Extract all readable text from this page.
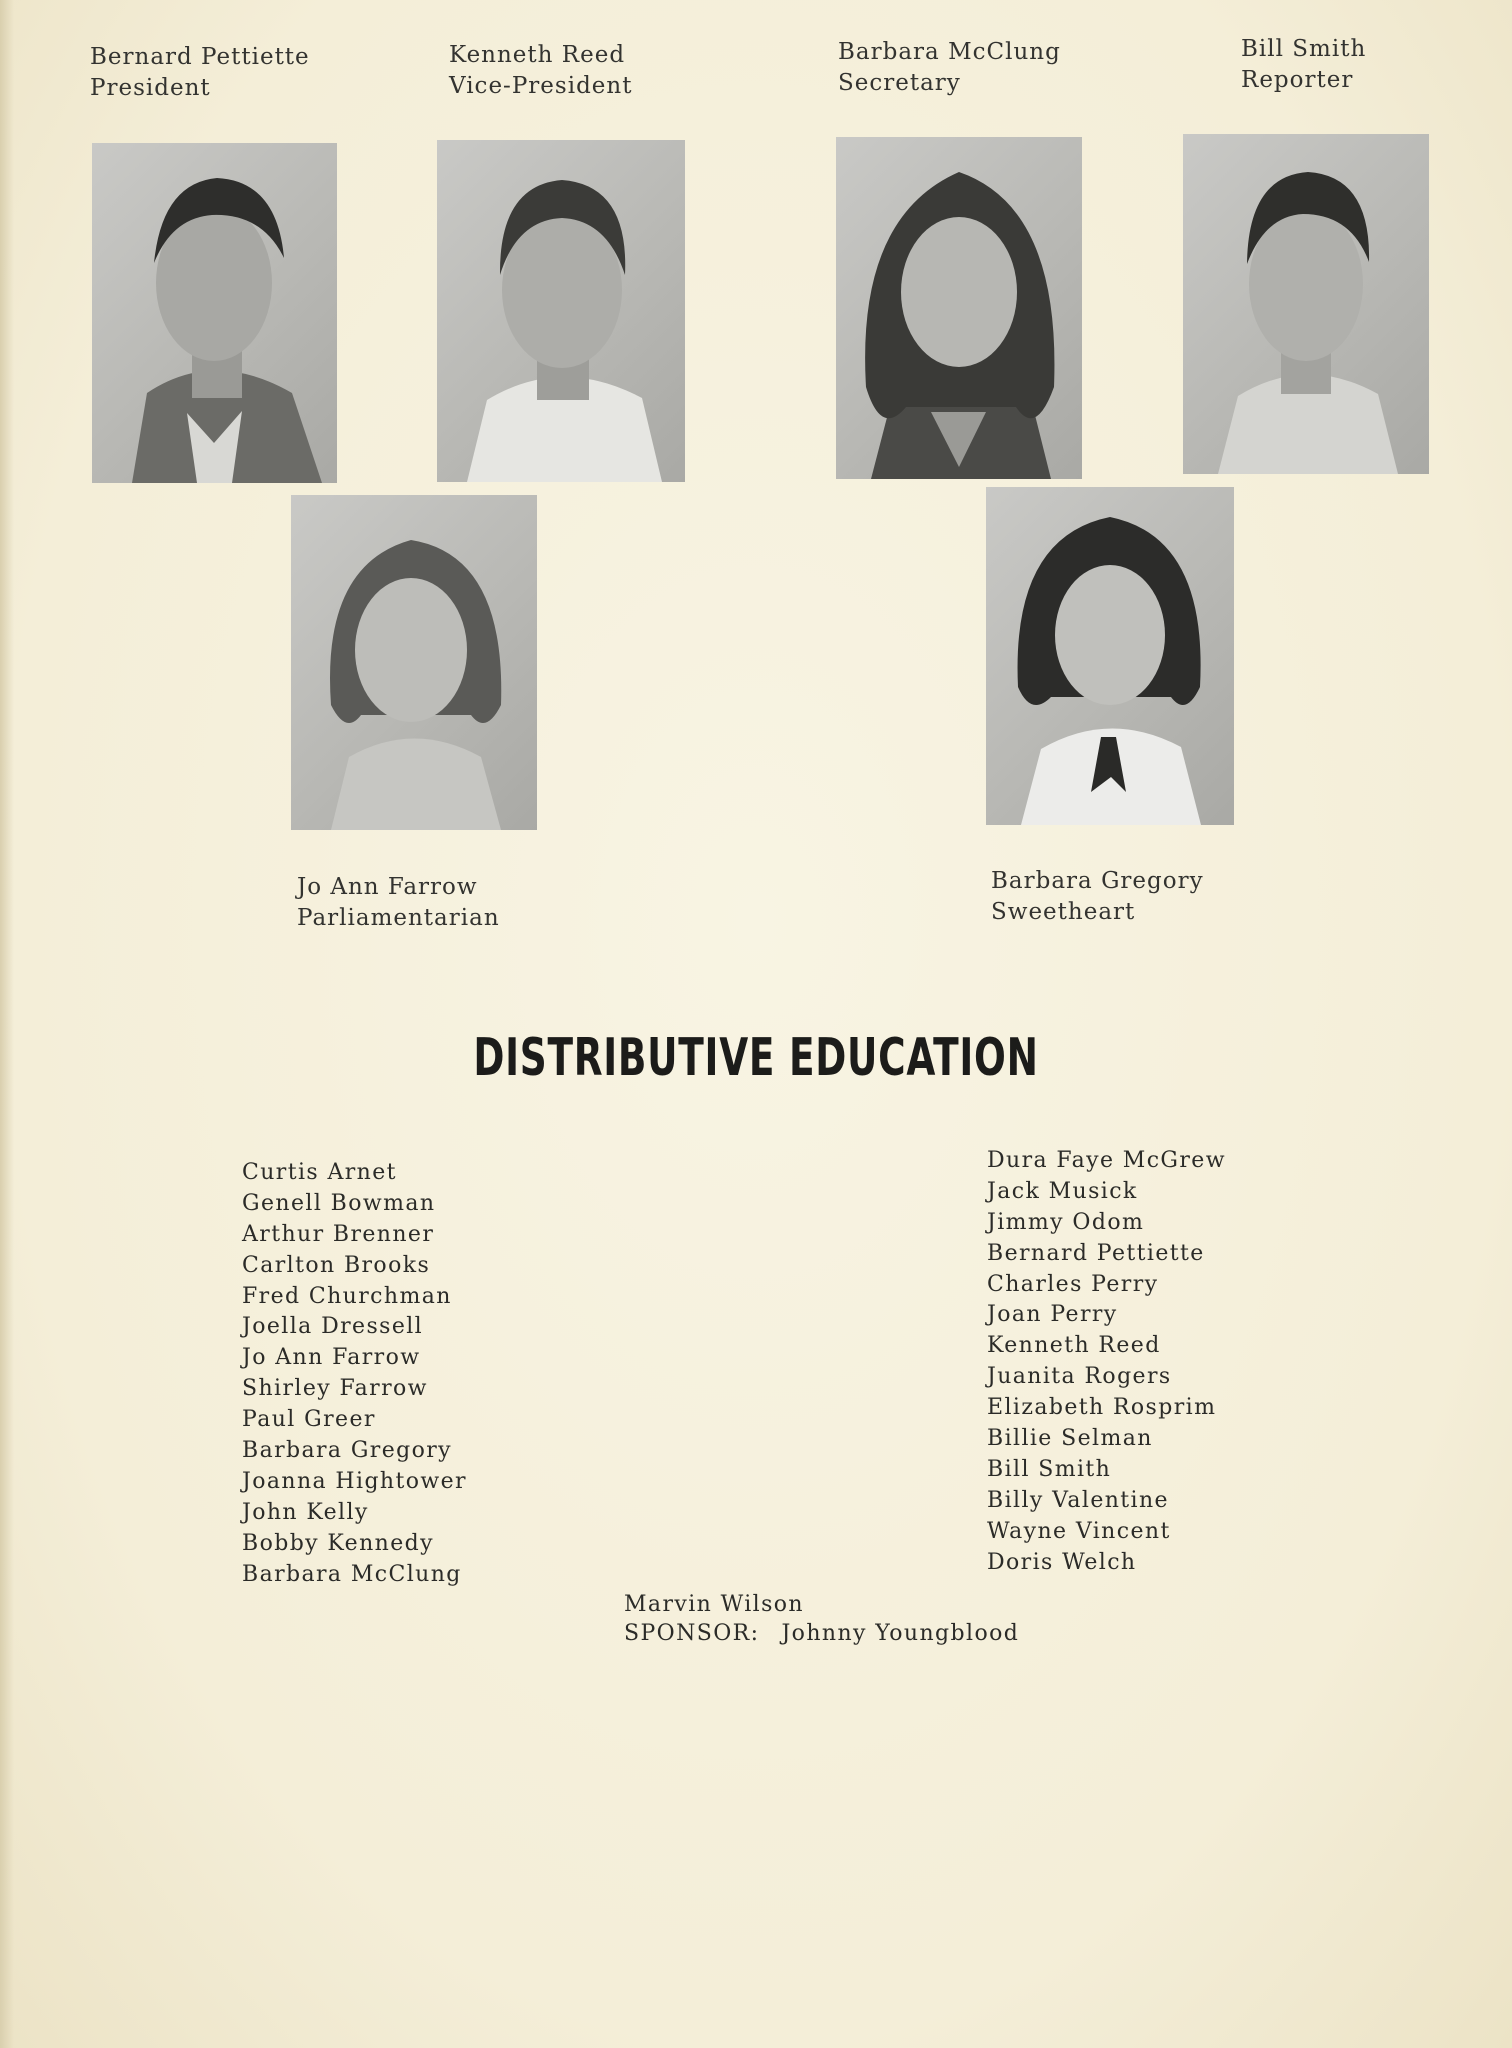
Bernard Pettiette
President
Kenneth Reed
Vice-President
Barbara McClung
Secretary
Bill Smith
Reporter
Jo Ann Farrow
Parliamentarian
Barbara Gregory
Sweetheart
DISTRIBUTIVE EDUCATION
Curtis Arnet
Genell Bowman
Arthur Brenner
Carlton Brooks
Fred Churchman
Joella Dressell
Jo Ann Farrow
Shirley Farrow
Paul Greer
Barbara Gregory
Joanna Hightower
John Kelly
Bobby Kennedy
Barbara McClung
Dura Faye McGrew
Jack Musick
Jimmy Odom
Bernard Pettiette
Charles Perry
Joan Perry
Kenneth Reed
Juanita Rogers
Elizabeth Rosprim
Billie Selman
Bill Smith
Billy Valentine
Wayne Vincent
Doris Welch
Marvin Wilson
SPONSOR: Johnny Youngblood
